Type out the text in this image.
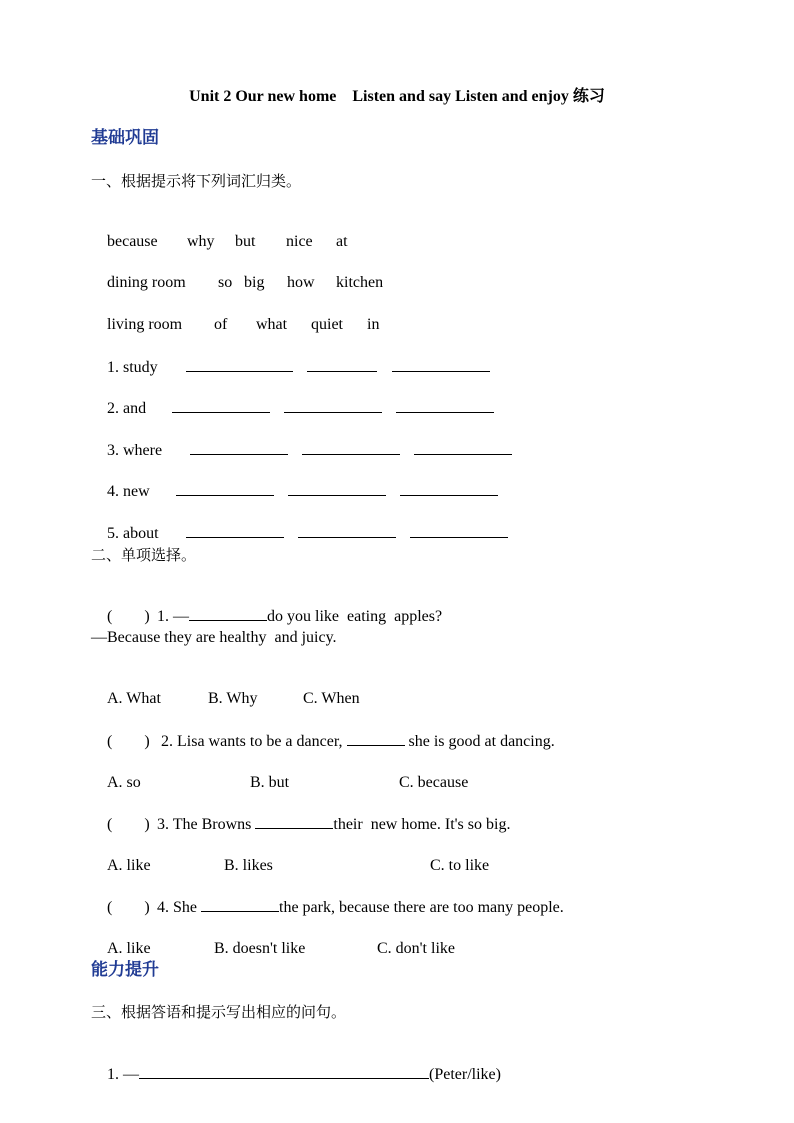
Unit 2 Our new home    Listen and say Listen and enjoy 练习
基础巩固
一、根据提示将下列词汇归类。

because why but nice at

dining room so big how kitchen

living room of what quiet in

1. study

2. and

3. where

4. new

5. about

二、单项选择。

(        ) 1. —	do you like  eating  apples?

—Because they are healthy  and juicy.

A. What	B. Why	C. When

(        ) 2. Lisa wants to be a dancer,	she is good at dancing.

A. so	B. but	C. because

(        ) 3. The Browns	their  new home. It's so big.

A. like	B. likes	C. to like

(        ) 4. She	the park, because there are too many people.

A. like	B. doesn't like	C. don't like

能力提升
三、根据答语和提示写出相应的问句。

1. —	(Peter/like)
